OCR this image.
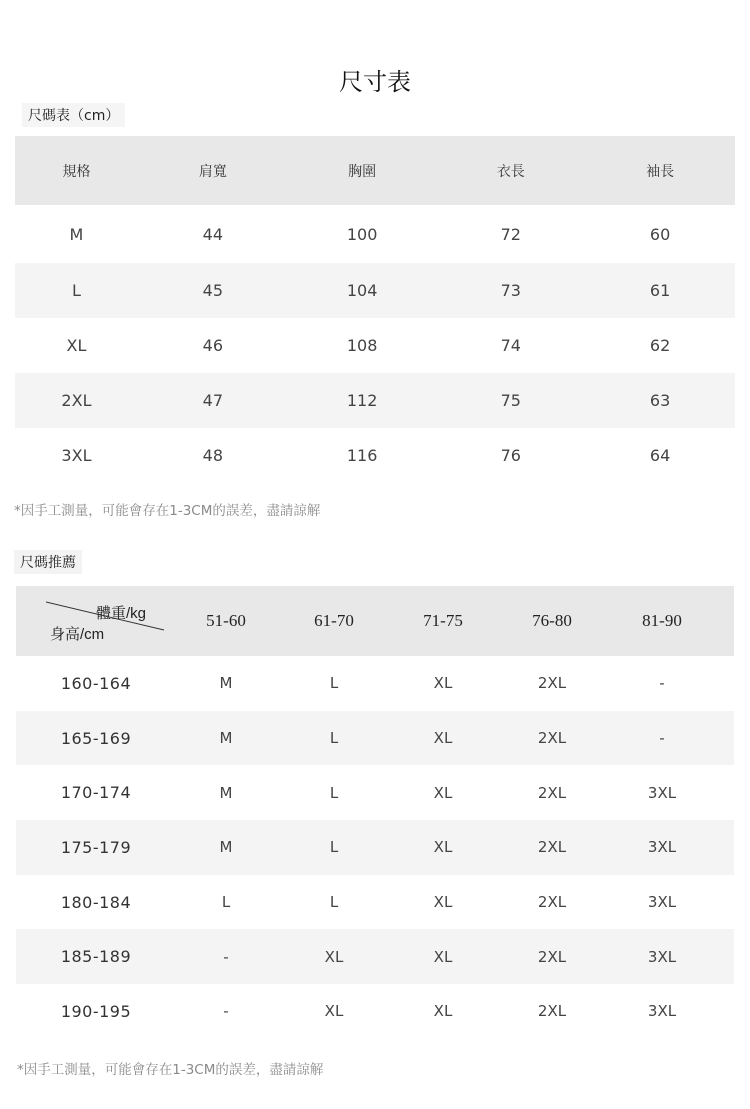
尺寸表
尺碼表（cm）
規格	肩寬	胸圍	衣長	袖長
M	44	100	72	60
L	45	104	73	61
XL	46	108	74	62
2XL	47	112	75	63
3XL	48	116	76	64
*因手工測量，可能會存在1-3CM的誤差，盡請諒解
尺碼推薦
體重/kg
身高/cm
51-60	61-70	71-75	76-80	81-90
160-164	M	L	XL	2XL	-
165-169	M	L	XL	2XL	-
170-174	M	L	XL	2XL	3XL
175-179	M	L	XL	2XL	3XL
180-184	L	L	XL	2XL	3XL
185-189	-	XL	XL	2XL	3XL
190-195	-	XL	XL	2XL	3XL
*因手工測量，可能會存在1-3CM的誤差，盡請諒解
